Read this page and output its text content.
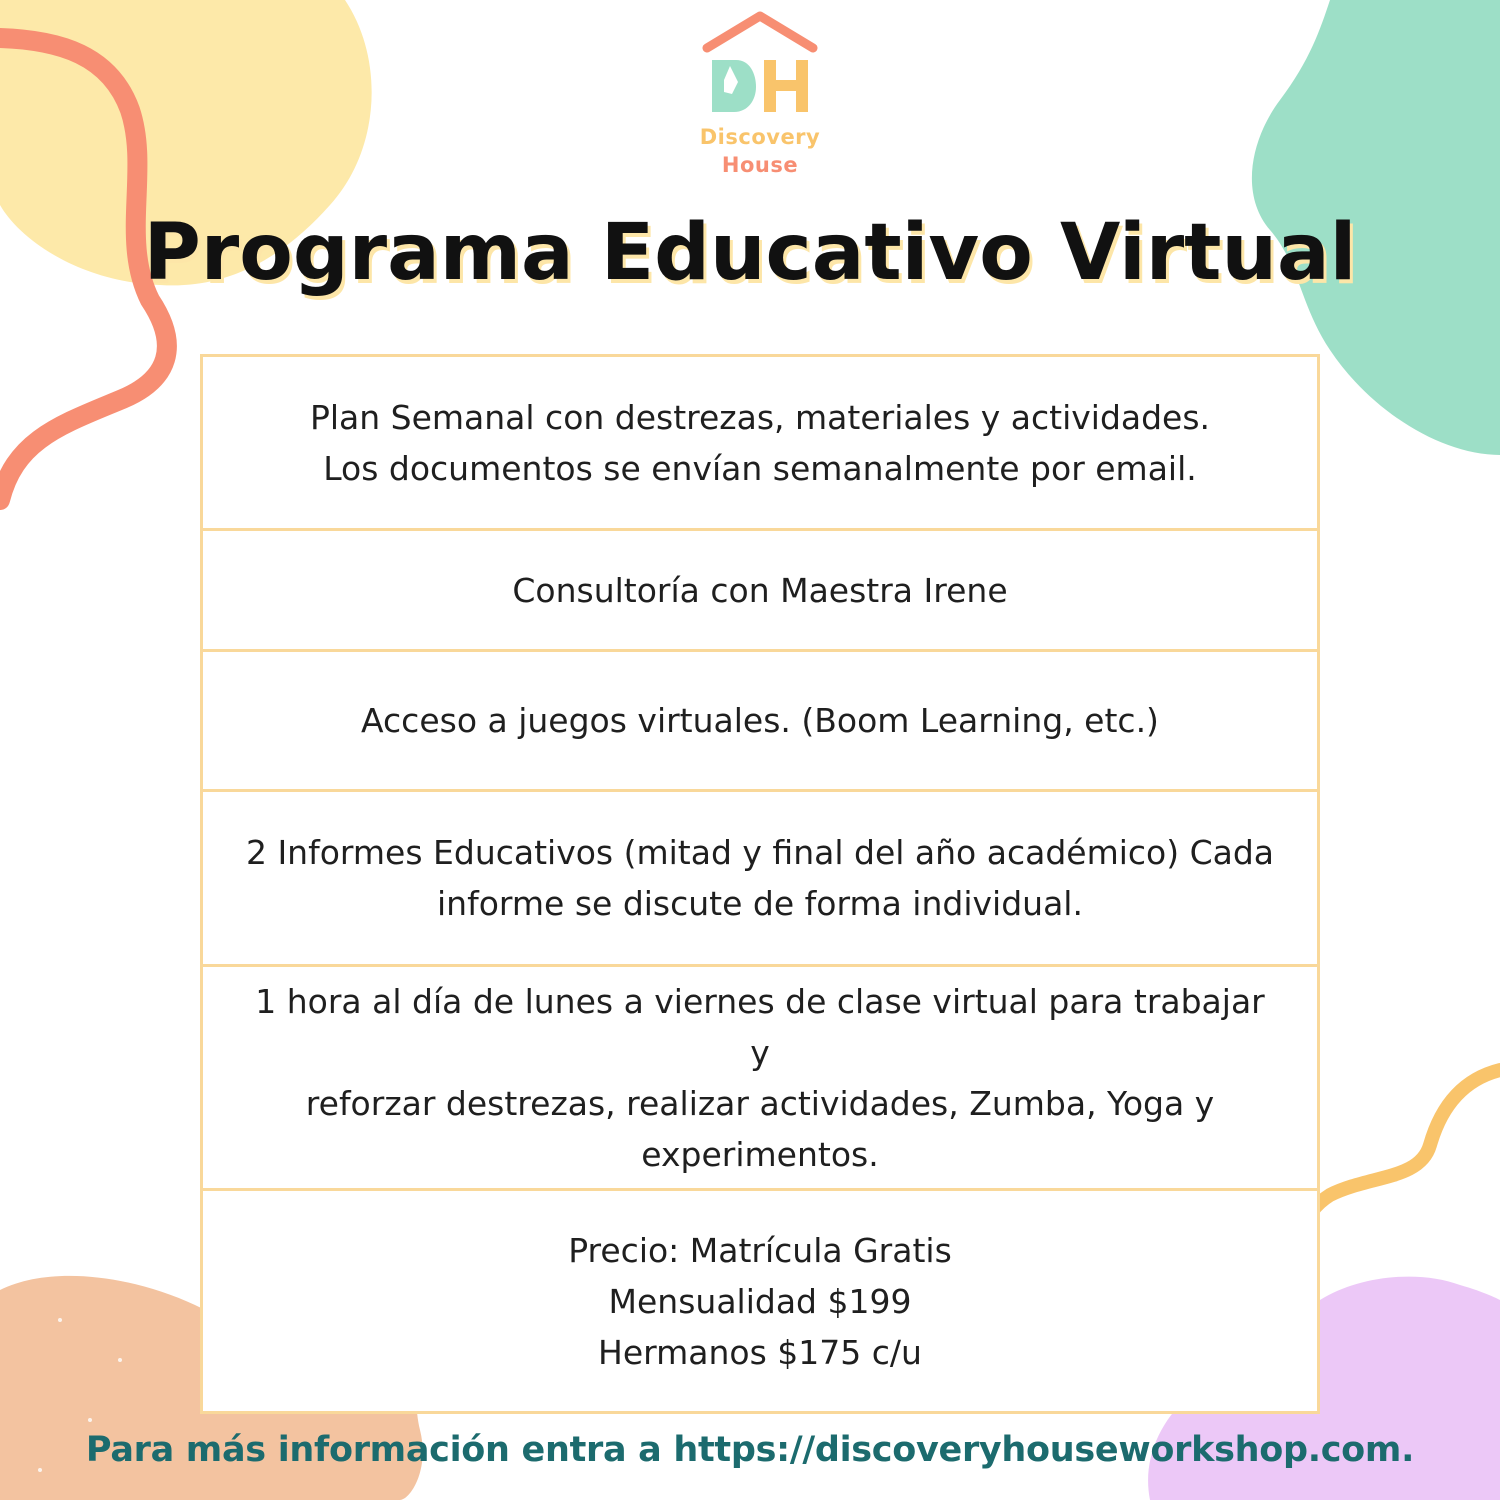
Discovery
House
Programa Educativo Virtual
Plan Semanal con destrezas, materiales y actividades.
Los documentos se envían semanalmente por email.
Consultoría con Maestra Irene
Acceso a juegos virtuales. (Boom Learning, etc.)
2 Informes Educativos (mitad y final del año académico) Cada
informe se discute de forma individual.
1 hora al día de lunes a viernes de clase virtual para trabajar y
reforzar destrezas, realizar actividades, Zumba, Yoga y
experimentos.
Precio: Matrícula Gratis
Mensualidad $199
Hermanos $175 c/u
Para más información entra a https://discoveryhouseworkshop.com.
